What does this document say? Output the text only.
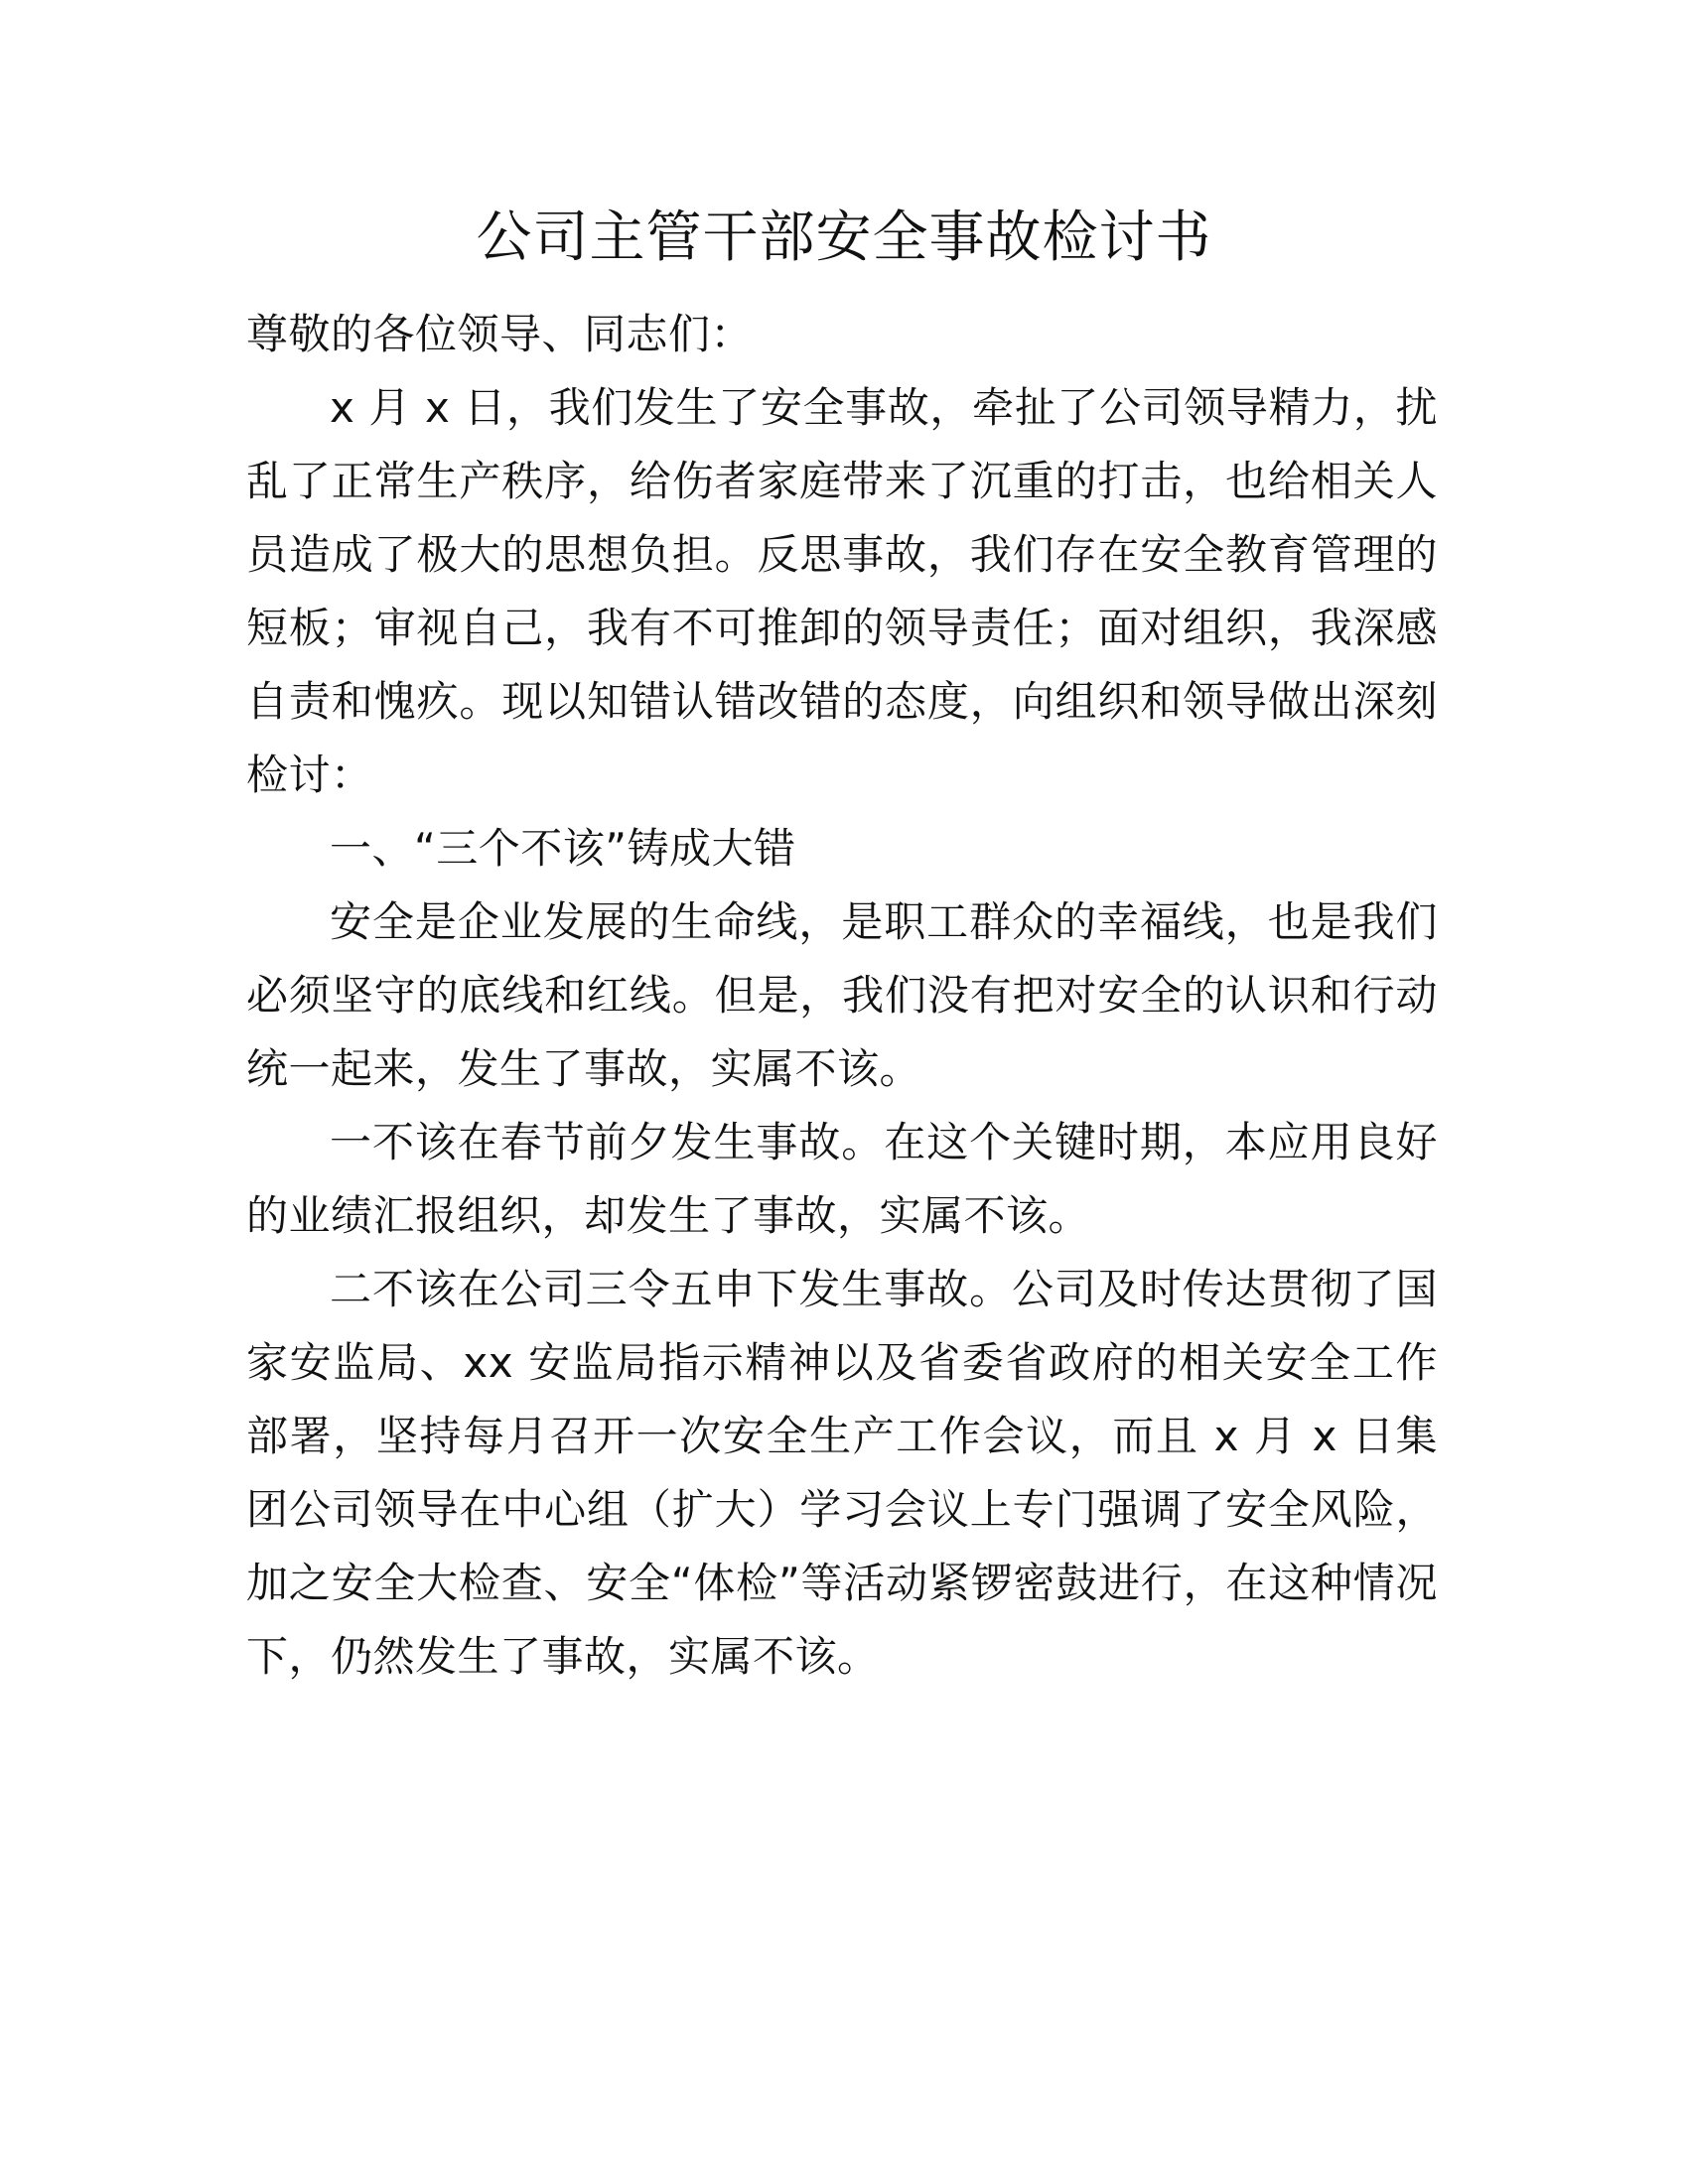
公司主管干部安全事故检讨书

尊敬的各位领导、同志们：

x 月 x 日，我们发生了安全事故，牵扯了公司领导精力，扰乱了正常生产秩序，给伤者家庭带来了沉重的打击，也给相关人员造成了极大的思想负担。反思事故，我们存在安全教育管理的短板；审视自己，我有不可推卸的领导责任；面对组织，我深感自责和愧疚。现以知错认错改错的态度，向组织和领导做出深刻检讨：

一、“三个不该”铸成大错

安全是企业发展的生命线，是职工群众的幸福线，也是我们必须坚守的底线和红线。但是，我们没有把对安全的认识和行动统一起来，发生了事故，实属不该。

一不该在春节前夕发生事故。在这个关键时期，本应用良好的业绩汇报组织，却发生了事故，实属不该。

二不该在公司三令五申下发生事故。公司及时传达贯彻了国家安监局、xx 安监局指示精神以及省委省政府的相关安全工作部署，坚持每月召开一次安全生产工作会议，而且 x 月 x 日集团公司领导在中心组（扩大）学习会议上专门强调了安全风险，加之安全大检查、安全“体检”等活动紧锣密鼓进行，在这种情况下，仍然发生了事故，实属不该。
